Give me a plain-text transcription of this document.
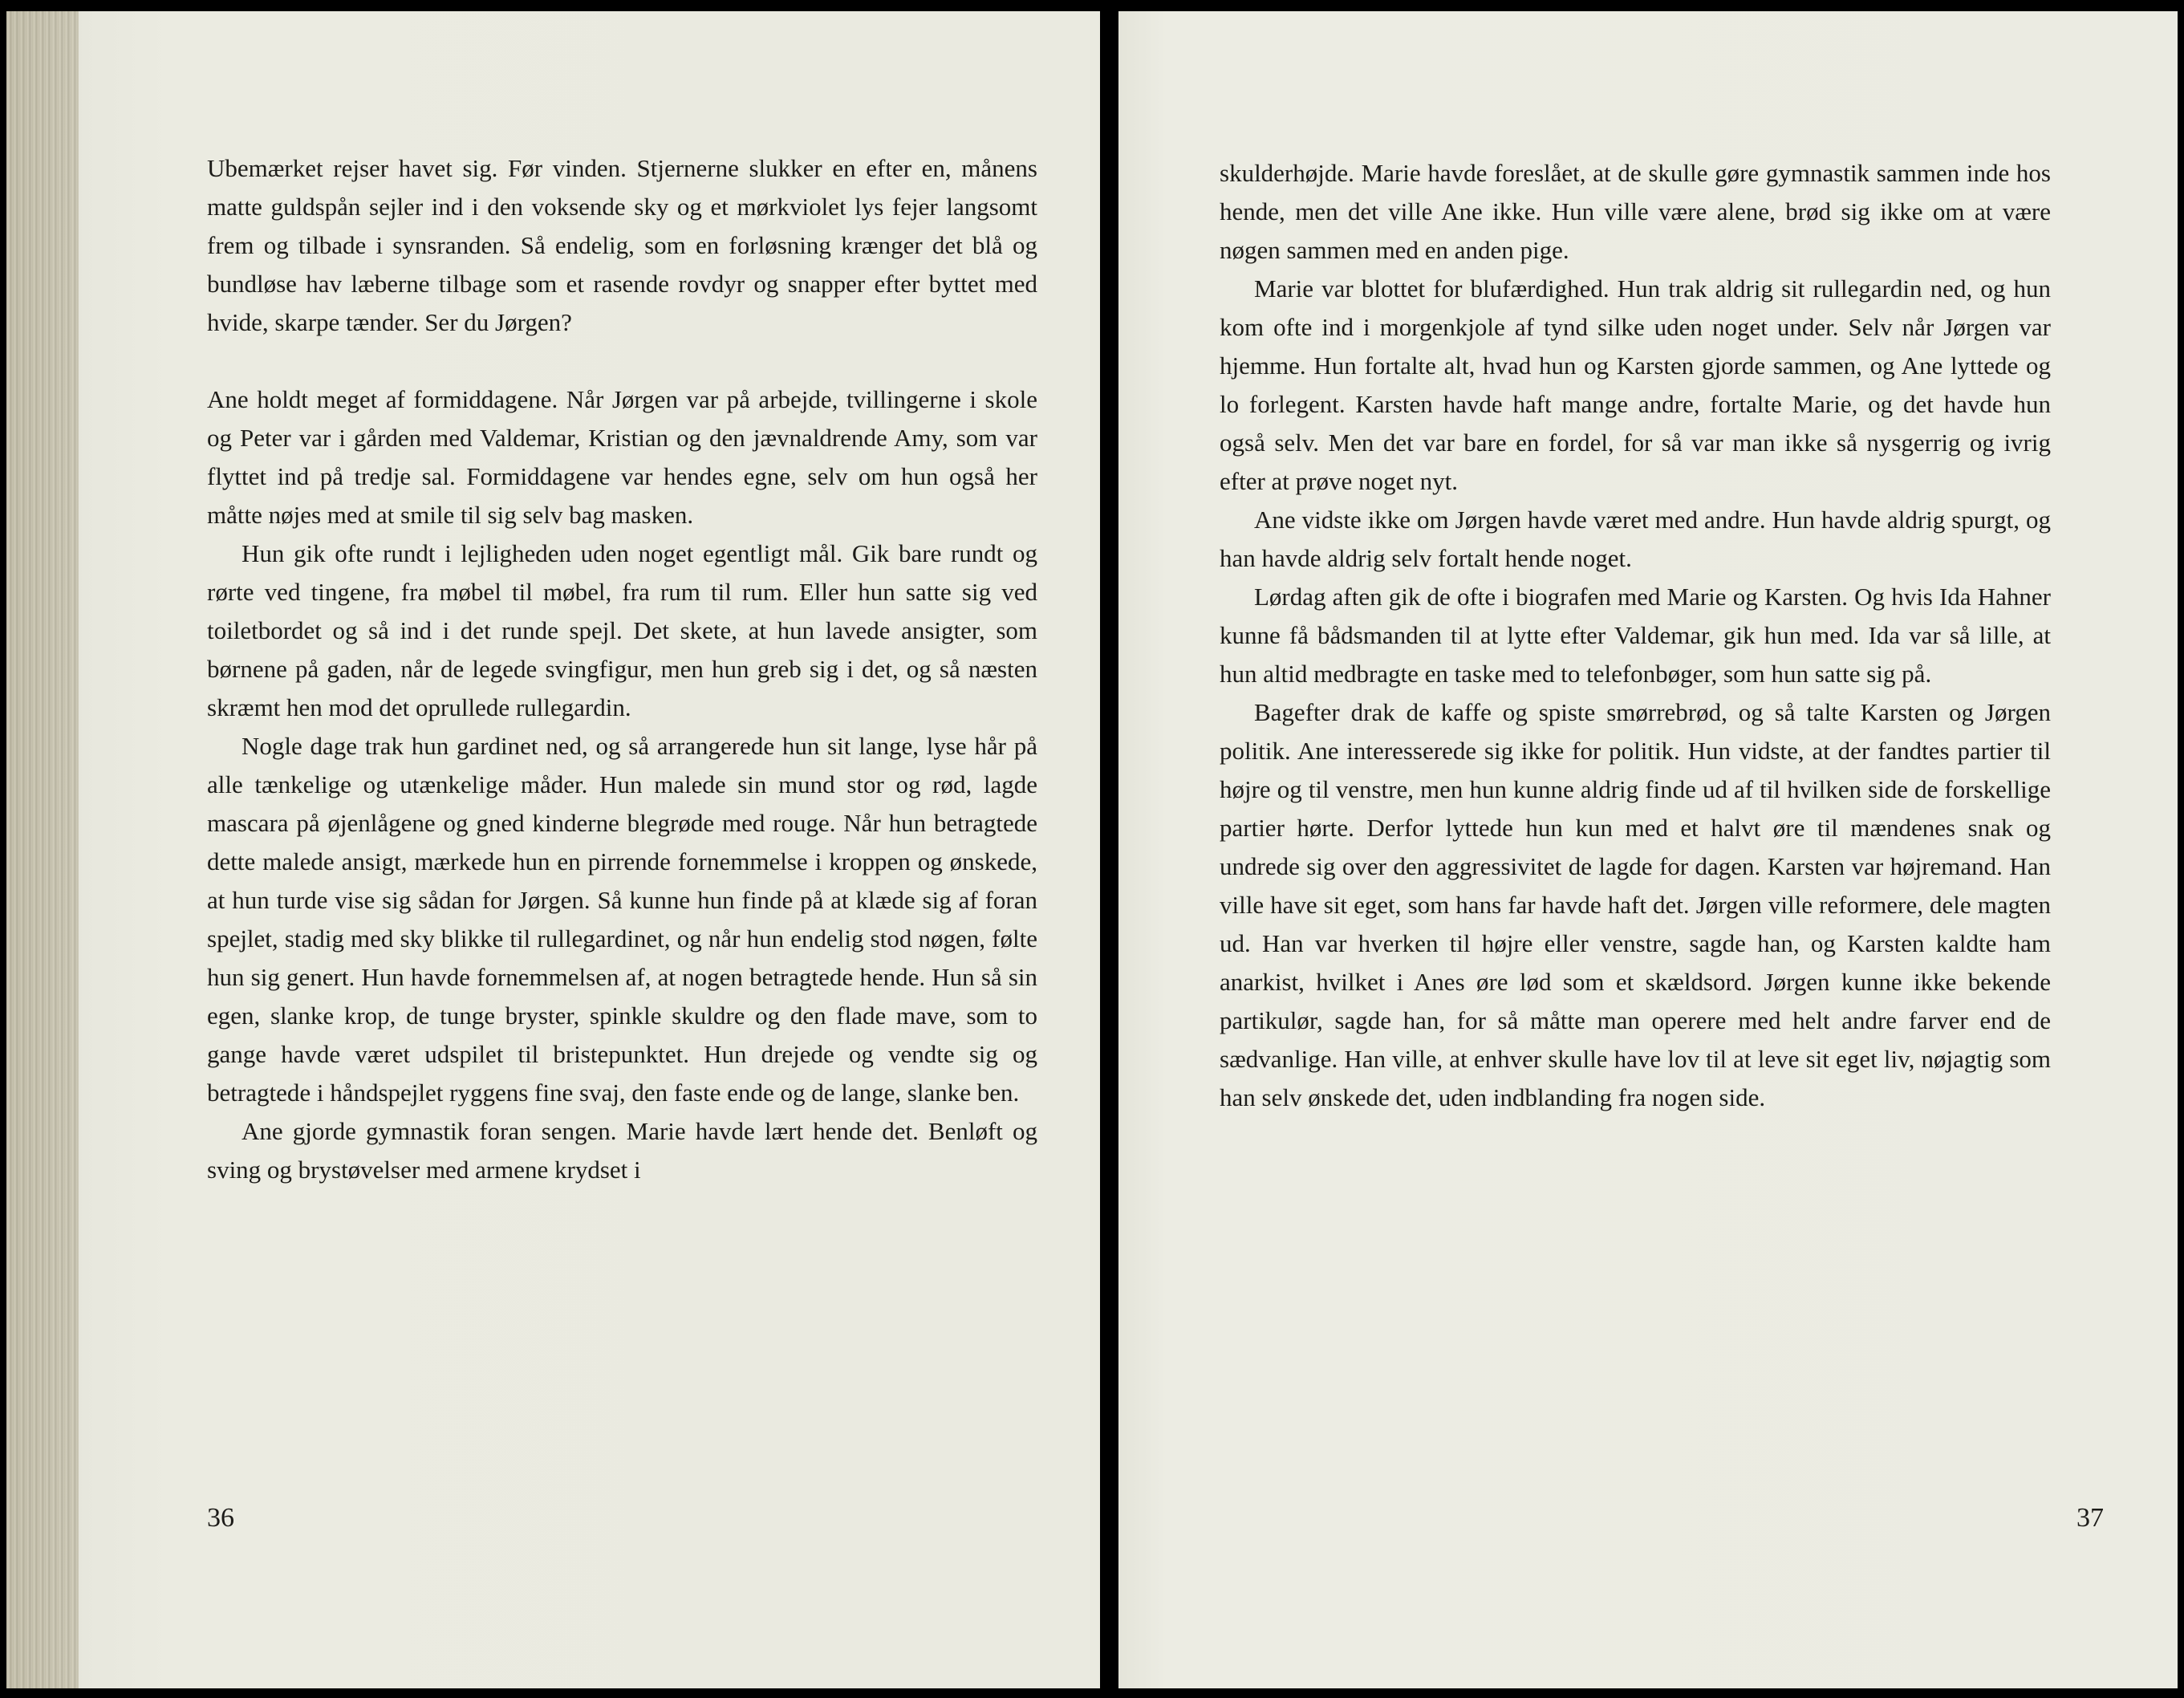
Ubemærket rejser havet sig. Før vinden. Stjernerne slukker en efter en, månens matte guldspån sejler ind i den voksende sky og et mørkviolet lys fejer langsomt frem og tilbade i synsranden. Så endelig, som en forløsning krænger det blå og bundløse hav læberne tilbage som et rasende rovdyr og snapper efter byttet med hvide, skarpe tænder. Ser du Jørgen?

Ane holdt meget af formiddagene. Når Jørgen var på arbejde, tvillingerne i skole og Peter var i gården med Valdemar, Kristian og den jævnaldrende Amy, som var flyttet ind på tredje sal. Formiddagene var hendes egne, selv om hun også her måtte nøjes med at smile til sig selv bag masken.

Hun gik ofte rundt i lejligheden uden noget egentligt mål. Gik bare rundt og rørte ved tingene, fra møbel til møbel, fra rum til rum. Eller hun satte sig ved toiletbordet og så ind i det runde spejl. Det skete, at hun lavede ansigter, som børnene på gaden, når de legede svingfigur, men hun greb sig i det, og så næsten skræmt hen mod det oprullede rullegardin.

Nogle dage trak hun gardinet ned, og så arrangerede hun sit lange, lyse hår på alle tænkelige og utænkelige måder. Hun malede sin mund stor og rød, lagde mascara på øjenlågene og gned kinderne blegrøde med rouge. Når hun betragtede dette malede ansigt, mærkede hun en pirrende fornemmelse i kroppen og ønskede, at hun turde vise sig sådan for Jørgen. Så kunne hun finde på at klæde sig af foran spejlet, stadig med sky blikke til rullegardinet, og når hun endelig stod nøgen, følte hun sig genert. Hun havde fornemmelsen af, at nogen betragtede hende. Hun så sin egen, slanke krop, de tunge bryster, spinkle skuldre og den flade mave, som to gange havde været udspilet til bristepunktet. Hun drejede og vendte sig og betragtede i håndspejlet ryggens fine svaj, den faste ende og de lange, slanke ben.

Ane gjorde gymnastik foran sengen. Marie havde lært hende det. Benløft og sving og brystøvelser med armene krydset i

36

skulderhøjde. Marie havde foreslået, at de skulle gøre gymnastik sammen inde hos hende, men det ville Ane ikke. Hun ville være alene, brød sig ikke om at være nøgen sammen med en anden pige.

Marie var blottet for blufærdighed. Hun trak aldrig sit rullegardin ned, og hun kom ofte ind i morgenkjole af tynd silke uden noget under. Selv når Jørgen var hjemme. Hun fortalte alt, hvad hun og Karsten gjorde sammen, og Ane lyttede og lo forlegent. Karsten havde haft mange andre, fortalte Marie, og det havde hun også selv. Men det var bare en fordel, for så var man ikke så nysgerrig og ivrig efter at prøve noget nyt.

Ane vidste ikke om Jørgen havde været med andre. Hun havde aldrig spurgt, og han havde aldrig selv fortalt hende noget.

Lørdag aften gik de ofte i biografen med Marie og Karsten. Og hvis Ida Hahner kunne få bådsmanden til at lytte efter Valdemar, gik hun med. Ida var så lille, at hun altid medbragte en taske med to telefonbøger, som hun satte sig på.

Bagefter drak de kaffe og spiste smørrebrød, og så talte Karsten og Jørgen politik. Ane interesserede sig ikke for politik. Hun vidste, at der fandtes partier til højre og til venstre, men hun kunne aldrig finde ud af til hvilken side de forskellige partier hørte. Derfor lyttede hun kun med et halvt øre til mændenes snak og undrede sig over den aggressivitet de lagde for dagen. Karsten var højremand. Han ville have sit eget, som hans far havde haft det. Jørgen ville reformere, dele magten ud. Han var hverken til højre eller venstre, sagde han, og Karsten kaldte ham anarkist, hvilket i Anes øre lød som et skældsord. Jørgen kunne ikke bekende partikulør, sagde han, for så måtte man operere med helt andre farver end de sædvanlige. Han ville, at enhver skulle have lov til at leve sit eget liv, nøjagtig som han selv ønskede det, uden indblanding fra nogen side.

37
